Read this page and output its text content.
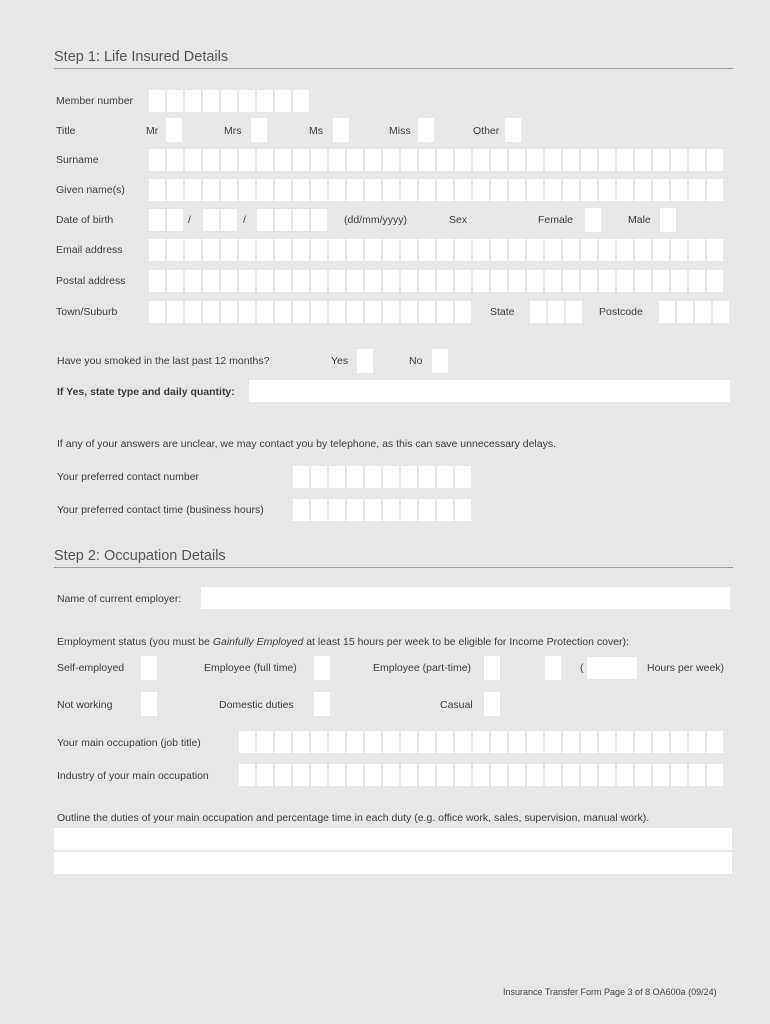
Step 1: Life Insured Details
Member number
Title	Mr	Mrs	Ms	Miss	Other
Surname
Given name(s)
Date of birth	/	/	(dd/mm/yyyy)	Sex	Female	Male
Email address
Postal address
Town/Suburb	State	Postcode
Have you smoked in the last past 12 months?	Yes	No
If Yes, state type and daily quantity:
If any of your answers are unclear, we may contact you by telephone, as this can save unnecessary delays.
Your preferred contact number
Your preferred contact time (business hours)
Step 2: Occupation Details
Name of current employer:
Employment status (you must be Gainfully Employed at least 15 hours per week to be eligible for Income Protection cover):
Self-employed	Employee (full time)	Employee (part-time)	(	Hours per week)
Not working	Domestic duties	Casual
Your main occupation (job title)
Industry of your main occupation
Outline the duties of your main occupation and percentage time in each duty (e.g. office work, sales, supervision, manual work).
Insurance Transfer Form Page 3 of 8 OA600a (09/24)
